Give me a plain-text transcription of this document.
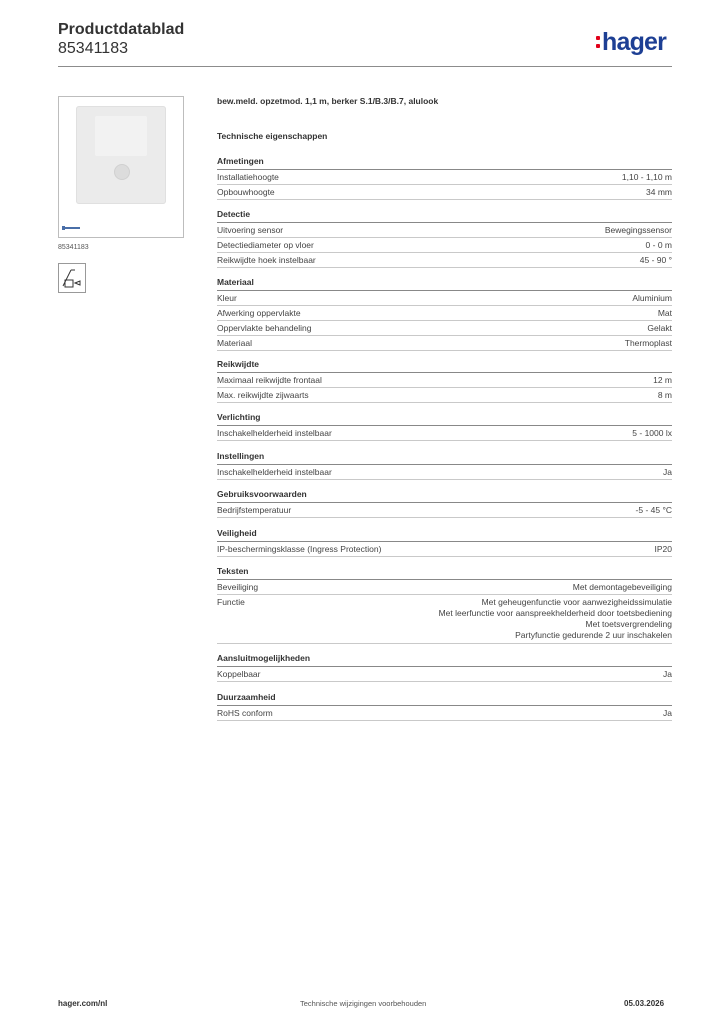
Productdatablad
85341183	hager
85341183
bew.meld. opzetmod. 1,1 m, berker S.1/B.3/B.7, alulook
Technische eigenschappen
Afmetingen
Installatiehoogte	1,10 - 1,10 m
Opbouwhoogte	34 mm
Detectie
Uitvoering sensor	Bewegingssensor
Detectiediameter op vloer	0 - 0 m
Reikwijdte hoek instelbaar	45 - 90 °
Materiaal
Kleur	Aluminium
Afwerking oppervlakte	Mat
Oppervlakte behandeling	Gelakt
Materiaal	Thermoplast
Reikwijdte
Maximaal reikwijdte frontaal	12 m
Max. reikwijdte zijwaarts	8 m
Verlichting
Inschakelhelderheid instelbaar	5 - 1000 lx
Instellingen
Inschakelhelderheid instelbaar	Ja
Gebruiksvoorwaarden
Bedrijfstemperatuur	-5 - 45 °C
Veiligheid
IP-beschermingsklasse (Ingress Protection)	IP20
Teksten
Beveiliging	Met demontagebeveiliging
Functie	Met geheugenfunctie voor aanwezigheidssimulatie
Met leerfunctie voor aanspreekhelderheid door toetsbediening
Met toetsvergrendeling
Partyfunctie gedurende 2 uur inschakelen
Aansluitmogelijkheden
Koppelbaar	Ja
Duurzaamheid
RoHS conform	Ja
hager.com/nl	Technische wijzigingen voorbehouden	05.03.2026
